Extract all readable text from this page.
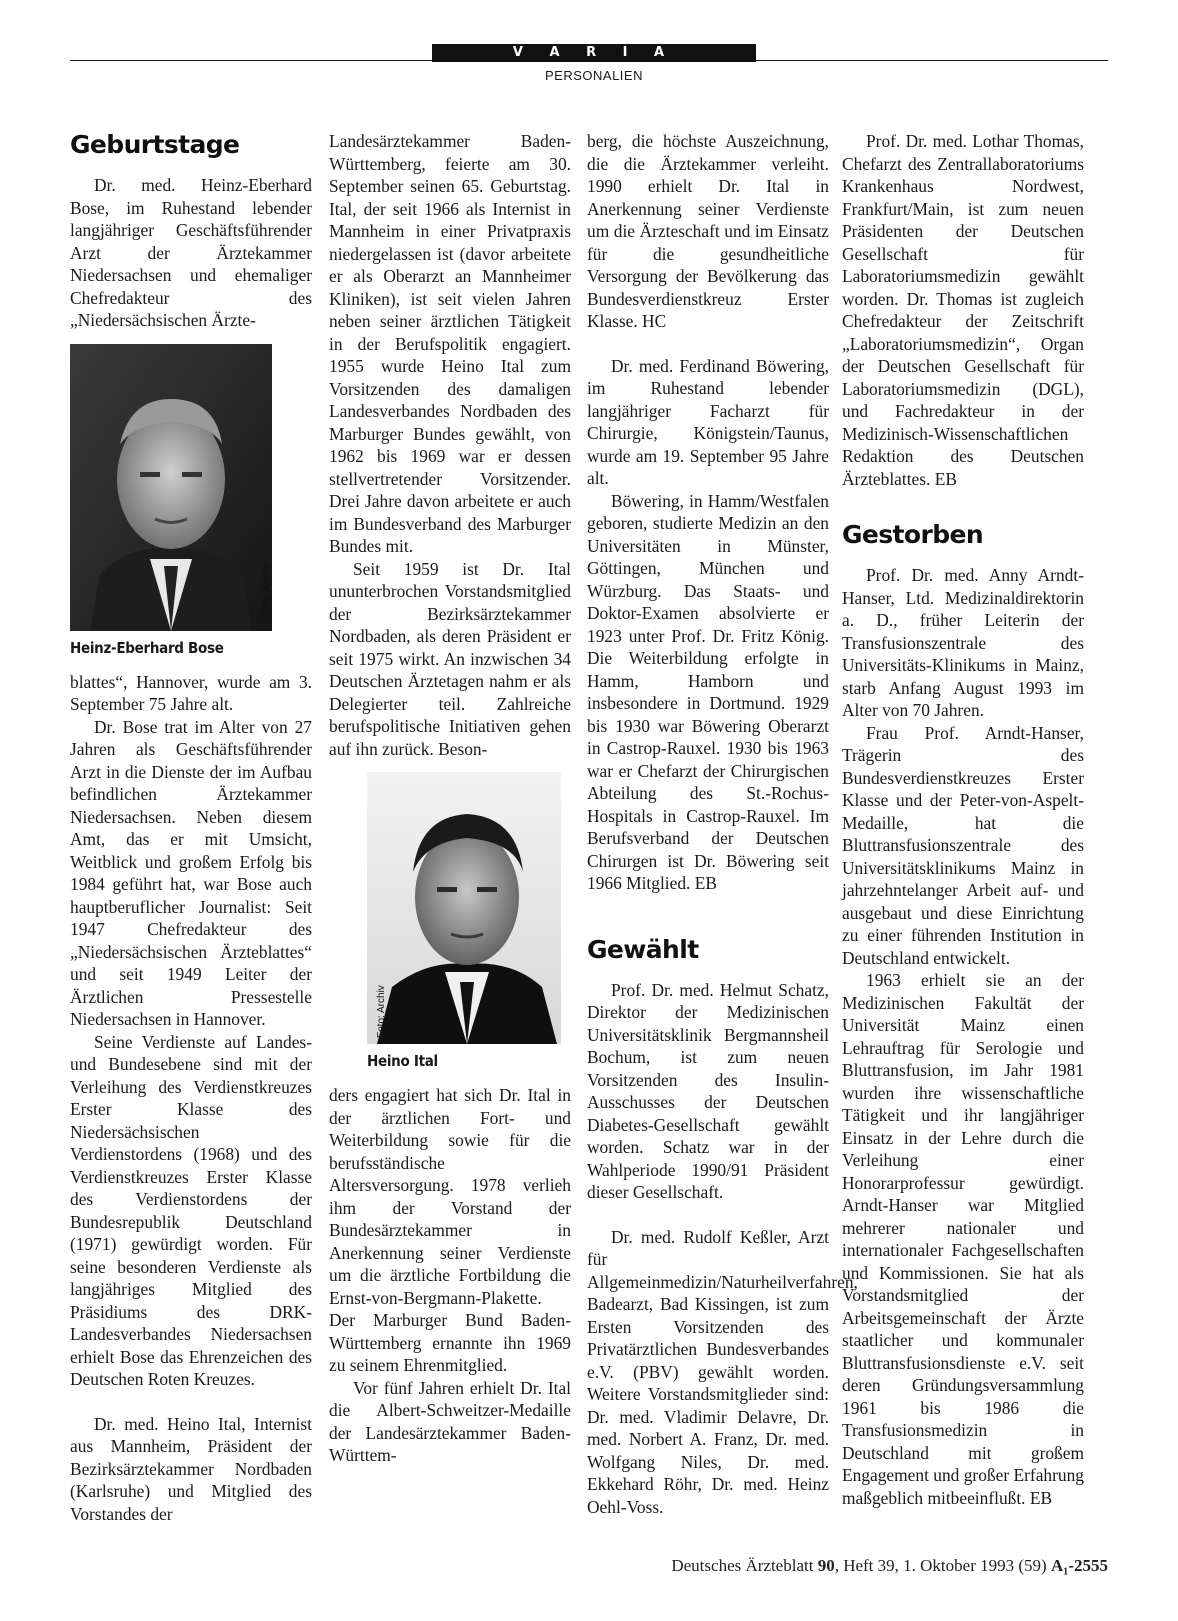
V A R I A
PERSONALIEN
Geburtstage

Dr. med. Heinz-Eberhard Bose, im Ruhestand lebender langjähriger Geschäftsführender Arzt der Ärztekammer Niedersachsen und ehemaliger Chefredakteur des „Niedersächsischen Ärzte-

Foto: Archiv
Heinz-Eberhard Bose

blattes“, Hannover, wurde am 3. September 75 Jahre alt.

Dr. Bose trat im Alter von 27 Jahren als Geschäftsführender Arzt in die Dienste der im Aufbau befindlichen Ärztekammer Niedersachsen. Neben diesem Amt, das er mit Umsicht, Weitblick und großem Erfolg bis 1984 geführt hat, war Bose auch hauptberuflicher Journalist: Seit 1947 Chefredakteur des „Niedersächsischen Ärzteblattes“ und seit 1949 Leiter der Ärztlichen Pressestelle Niedersachsen in Hannover.

Seine Verdienste auf Landes- und Bundesebene sind mit der Verleihung des Verdienstkreuzes Erster Klasse des Niedersächsischen Verdienstordens (1968) und des Verdienstkreuzes Erster Klasse des Verdienstordens der Bundesrepublik Deutschland (1971) gewürdigt worden. Für seine besonderen Verdienste als langjähriges Mitglied des Präsidiums des DRK-Landesverbandes Niedersachsen erhielt Bose das Ehrenzeichen des Deutschen Roten Kreuzes.

Dr. med. Heino Ital, Internist aus Mannheim, Präsident der Bezirksärztekammer Nordbaden (Karlsruhe) und Mitglied des Vorstandes der

Landesärztekammer Baden-Württemberg, feierte am 30. September seinen 65. Geburtstag. Ital, der seit 1966 als Internist in Mannheim in einer Privatpraxis niedergelassen ist (davor arbeitete er als Oberarzt an Mannheimer Kliniken), ist seit vielen Jahren neben seiner ärztlichen Tätigkeit in der Berufspolitik engagiert. 1955 wurde Heino Ital zum Vorsitzenden des damaligen Landesverbandes Nordbaden des Marburger Bundes gewählt, von 1962 bis 1969 war er dessen stellvertretender Vorsitzender. Drei Jahre davon arbeitete er auch im Bundesverband des Marburger Bundes mit.

Seit 1959 ist Dr. Ital ununterbrochen Vorstandsmitglied der Bezirksärztekammer Nordbaden, als deren Präsident er seit 1975 wirkt. An inzwischen 34 Deutschen Ärztetagen nahm er als Delegierter teil. Zahlreiche berufspolitische Initiativen gehen auf ihn zurück. Beson-

Foto: Archiv
Heino Ital

ders engagiert hat sich Dr. Ital in der ärztlichen Fort- und Weiterbildung sowie für die berufsständische Altersversorgung. 1978 verlieh ihm der Vorstand der Bundesärztekammer in Anerkennung seiner Verdienste um die ärztliche Fortbildung die Ernst-von-Bergmann-Plakette. Der Marburger Bund Baden-Württemberg ernannte ihn 1969 zu seinem Ehrenmitglied.

Vor fünf Jahren erhielt Dr. Ital die Albert-Schweitzer-Medaille der Landesärztekammer Baden-Württem-

berg, die höchste Auszeichnung, die die Ärztekammer verleiht. 1990 erhielt Dr. Ital in Anerkennung seiner Verdienste um die Ärzteschaft und im Einsatz für die gesundheitliche Versorgung der Bevölkerung das Bundesverdienstkreuz Erster Klasse. HC

Dr. med. Ferdinand Böwering, im Ruhestand lebender langjähriger Facharzt für Chirurgie, Königstein/Taunus, wurde am 19. September 95 Jahre alt.

Böwering, in Hamm/Westfalen geboren, studierte Medizin an den Universitäten in Münster, Göttingen, München und Würzburg. Das Staats- und Doktor-Examen absolvierte er 1923 unter Prof. Dr. Fritz König. Die Weiterbildung erfolgte in Hamm, Hamborn und insbesondere in Dortmund. 1929 bis 1930 war Böwering Oberarzt in Castrop-Rauxel. 1930 bis 1963 war er Chefarzt der Chirurgischen Abteilung des St.-Rochus-Hospitals in Castrop-Rauxel. Im Berufsverband der Deutschen Chirurgen ist Dr. Böwering seit 1966 Mitglied. EB

Gewählt

Prof. Dr. med. Helmut Schatz, Direktor der Medizinischen Universitätsklinik Bergmannsheil Bochum, ist zum neuen Vorsitzenden des Insulin-Ausschusses der Deutschen Diabetes-Gesellschaft gewählt worden. Schatz war in der Wahlperiode 1990/91 Präsident dieser Gesellschaft.

Dr. med. Rudolf Keßler, Arzt für Allgemeinmedizin/Naturheilverfahren, Badearzt, Bad Kissingen, ist zum Ersten Vorsitzenden des Privatärztlichen Bundesverbandes e.V. (PBV) gewählt worden. Weitere Vorstandsmitglieder sind: Dr. med. Vladimir Delavre, Dr. med. Norbert A. Franz, Dr. med. Wolfgang Niles, Dr. med. Ekkehard Röhr, Dr. med. Heinz Oehl-Voss.

Prof. Dr. med. Lothar Thomas, Chefarzt des Zentrallaboratoriums Krankenhaus Nordwest, Frankfurt/Main, ist zum neuen Präsidenten der Deutschen Gesellschaft für Laboratoriumsmedizin gewählt worden. Dr. Thomas ist zugleich Chefredakteur der Zeitschrift „Laboratoriumsmedizin“, Organ der Deutschen Gesellschaft für Laboratoriumsmedizin (DGL), und Fachredakteur in der Medizinisch-Wissenschaftlichen Redaktion des Deutschen Ärzteblattes. EB

Gestorben

Prof. Dr. med. Anny Arndt-Hanser, Ltd. Medizinaldirektorin a. D., früher Leiterin der Transfusionszentrale des Universitäts-Klinikums in Mainz, starb Anfang August 1993 im Alter von 70 Jahren.

Frau Prof. Arndt-Hanser, Trägerin des Bundesverdienstkreuzes Erster Klasse und der Peter-von-Aspelt-Medaille, hat die Bluttransfusionszentrale des Universitätsklinikums Mainz in jahrzehntelanger Arbeit auf- und ausgebaut und diese Einrichtung zu einer führenden Institution in Deutschland entwickelt.

1963 erhielt sie an der Medizinischen Fakultät der Universität Mainz einen Lehrauftrag für Serologie und Bluttransfusion, im Jahr 1981 wurden ihre wissenschaftliche Tätigkeit und ihr langjähriger Einsatz in der Lehre durch die Verleihung einer Honorarprofessur gewürdigt. Arndt-Hanser war Mitglied mehrerer nationaler und internationaler Fachgesellschaften und Kommissionen. Sie hat als Vorstandsmitglied der Arbeitsgemeinschaft der Ärzte staatlicher und kommunaler Bluttransfusionsdienste e.V. seit deren Gründungsversammlung 1961 bis 1986 die Transfusionsmedizin in Deutschland mit großem Engagement und großer Erfahrung maßgeblich mitbeeinflußt. EB

Deutsches Ärzteblatt 90, Heft 39, 1. Oktober 1993 (59) A₁-2555
